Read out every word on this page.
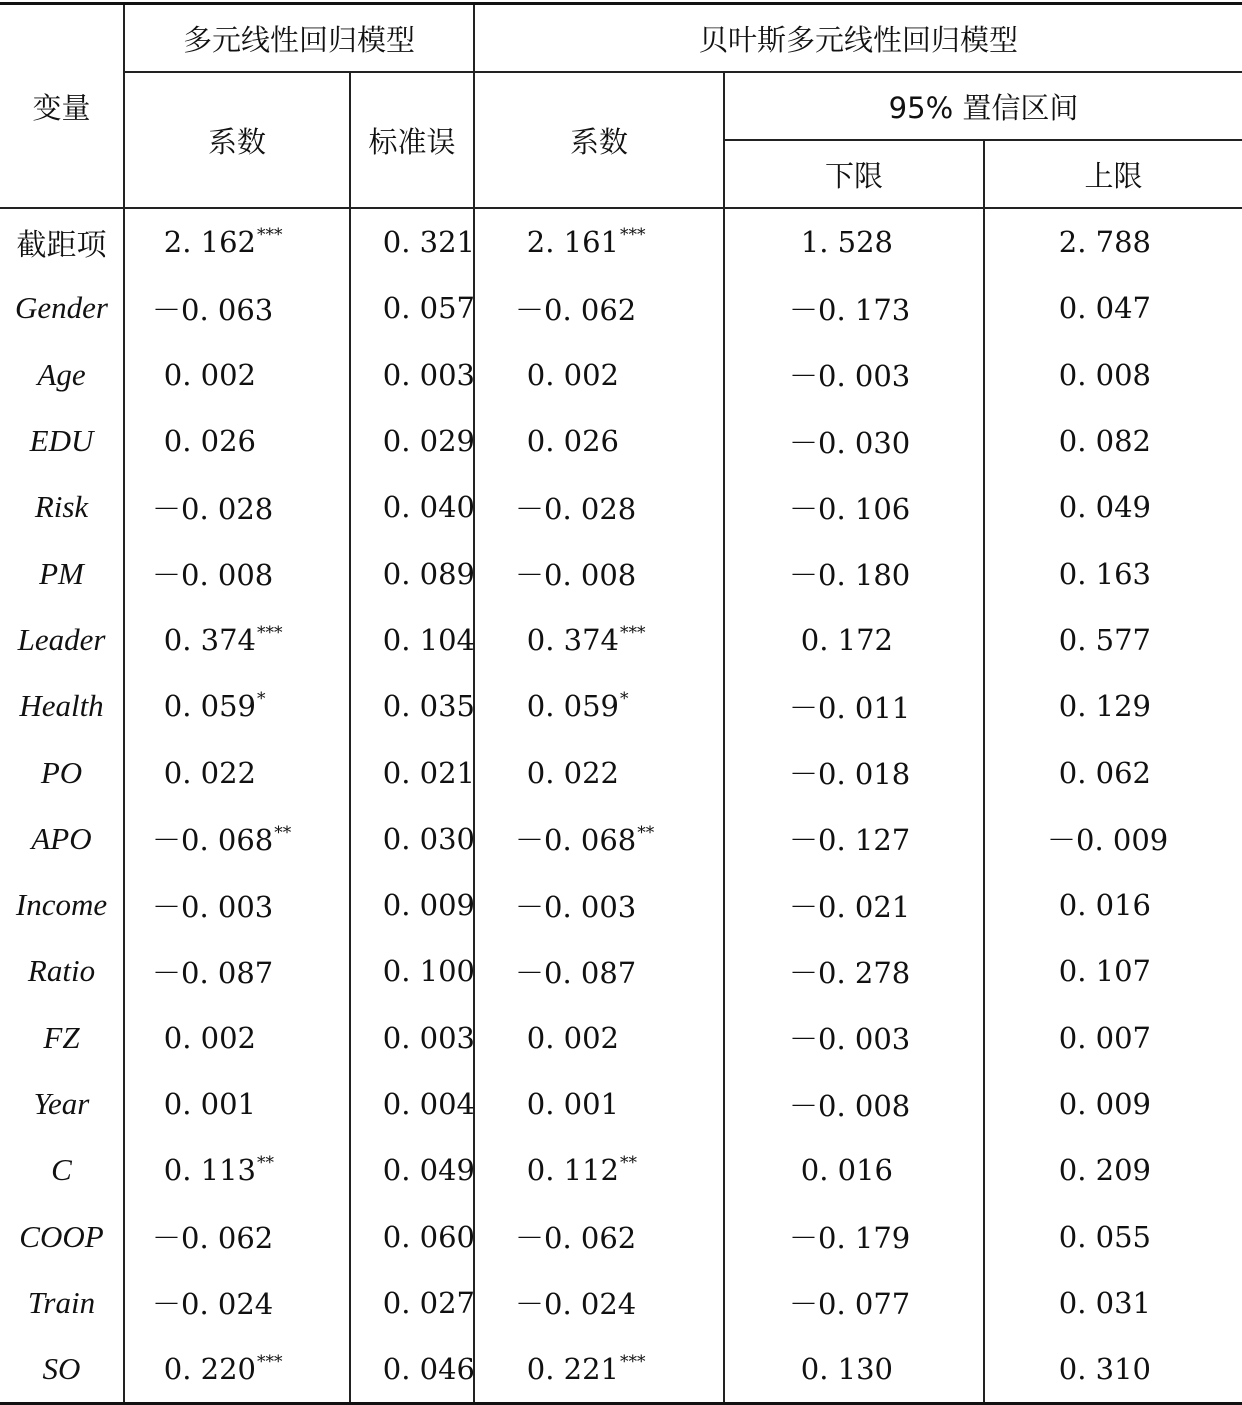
变量	多元线性回归模型		贝叶斯多元线性回归模型		
	系数	标准误	系数	95% 置信区间	
				下限	上限
截距项	2. 162***	0. 321	2. 161***	1. 528	2. 788
Gender	－0. 063	0. 057	－0. 062	－0. 173	0. 047
Age	0. 002	0. 003	0. 002	－0. 003	0. 008
EDU	0. 026	0. 029	0. 026	－0. 030	0. 082
Risk	－0. 028	0. 040	－0. 028	－0. 106	0. 049
PM	－0. 008	0. 089	－0. 008	－0. 180	0. 163
Leader	0. 374***	0. 104	0. 374***	0. 172	0. 577
Health	0. 059*	0. 035	0. 059*	－0. 011	0. 129
PO	0. 022	0. 021	0. 022	－0. 018	0. 062
APO	－0. 068**	0. 030	－0. 068**	－0. 127	－0. 009
Income	－0. 003	0. 009	－0. 003	－0. 021	0. 016
Ratio	－0. 087	0. 100	－0. 087	－0. 278	0. 107
FZ	0. 002	0. 003	0. 002	－0. 003	0. 007
Year	0. 001	0. 004	0. 001	－0. 008	0. 009
C	0. 113**	0. 049	0. 112**	0. 016	0. 209
COOP	－0. 062	0. 060	－0. 062	－0. 179	0. 055
Train	－0. 024	0. 027	－0. 024	－0. 077	0. 031
SO	0. 220***	0. 046	0. 221***	0. 130	0. 310
